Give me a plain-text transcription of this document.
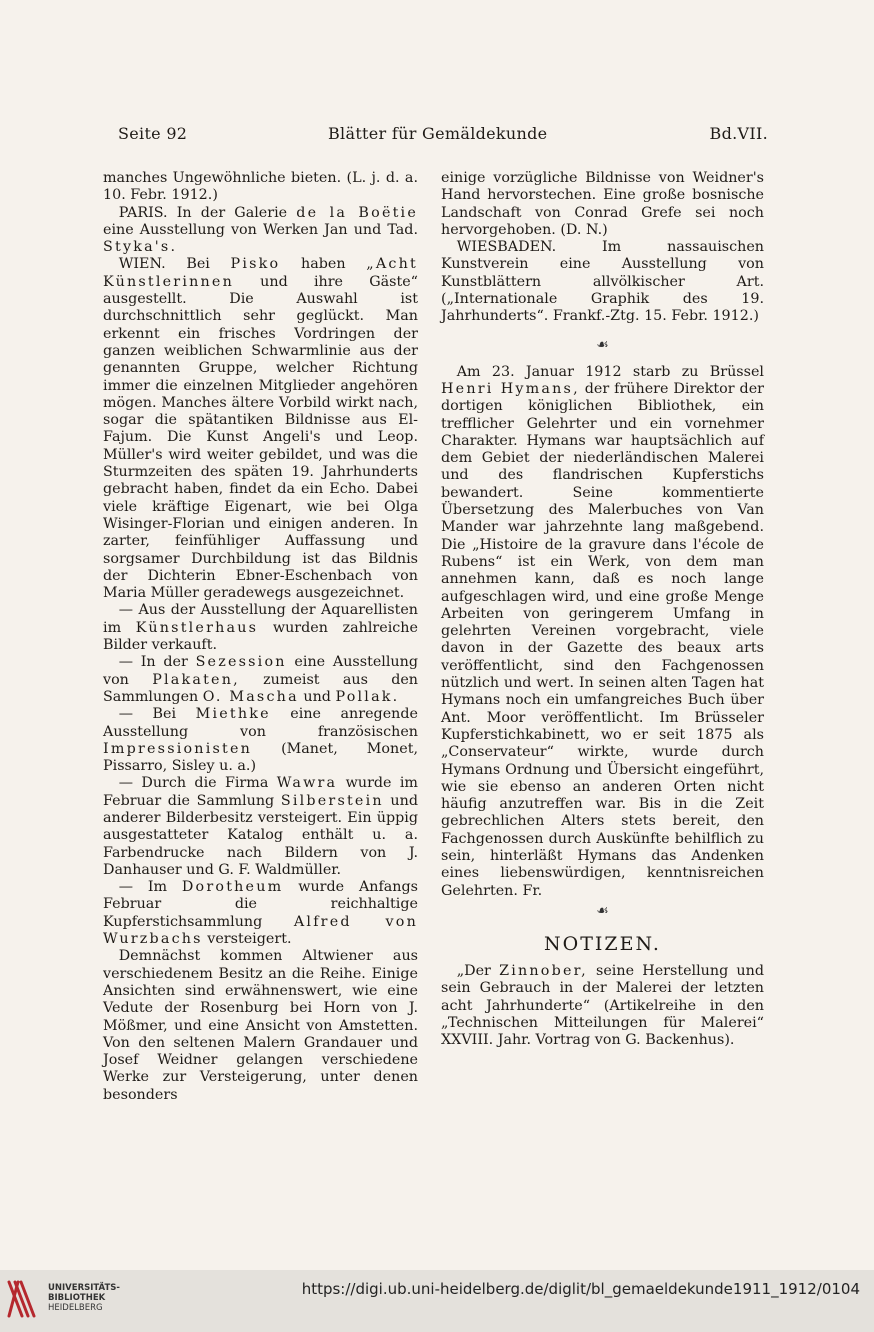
Seite 92	Blätter für Gemäldekunde	Bd.VII.

manches Ungewöhnliche bieten. (L. j. d. a. 10. Febr. 1912.)

PARIS. In der Galerie de la Boëtie eine Ausstellung von Werken Jan und Tad. Styka's.

WIEN. Bei Pisko haben „Acht Künstlerinnen und ihre Gäste“ ausgestellt. Die Auswahl ist durchschnittlich sehr geglückt. Man erkennt ein frisches Vordringen der ganzen weiblichen Schwarmlinie aus der genannten Gruppe, welcher Richtung immer die einzelnen Mitglieder angehören mögen. Manches ältere Vorbild wirkt nach, sogar die spätantiken Bildnisse aus El-Fajum. Die Kunst Angeli's und Leop. Müller's wird weiter gebildet, und was die Sturmzeiten des späten 19. Jahrhunderts gebracht haben, findet da ein Echo. Dabei viele kräftige Eigenart, wie bei Olga Wisinger-Florian und einigen anderen. In zarter, feinfühliger Auffassung und sorgsamer Durchbildung ist das Bildnis der Dichterin Ebner-Eschenbach von Maria Müller geradewegs ausgezeichnet.

— Aus der Ausstellung der Aquarellisten im Künstlerhaus wurden zahlreiche Bilder verkauft.

— In der Sezession eine Ausstellung von Plakaten, zumeist aus den Sammlungen O. Mascha und Pollak.

— Bei Miethke eine anregende Ausstellung von französischen Impressionisten (Manet, Monet, Pissarro, Sisley u. a.)

— Durch die Firma Wawra wurde im Februar die Sammlung Silberstein und anderer Bilderbesitz versteigert. Ein üppig ausgestatteter Katalog enthält u. a. Farbendrucke nach Bildern von J. Danhauser und G. F. Waldmüller.

— Im Dorotheum wurde Anfangs Februar die reichhaltige Kupferstichsammlung Alfred von Wurzbachs versteigert.

Demnächst kommen Altwiener aus verschiedenem Besitz an die Reihe. Einige Ansichten sind erwähnenswert, wie eine Vedute der Rosenburg bei Horn von J. Mößmer, und eine Ansicht von Amstetten. Von den seltenen Malern Grandauer und Josef Weidner gelangen verschiedene Werke zur Versteigerung, unter denen besonders

einige vorzügliche Bildnisse von Weidner's Hand hervorstechen. Eine große bosnische Landschaft von Conrad Grefe sei noch hervorgehoben. (D. N.)

WIESBADEN. Im nassauischen Kunstverein eine Ausstellung von Kunstblättern allvölkischer Art. („Internationale Graphik des 19. Jahrhunderts“. Frankf.-Ztg. 15. Febr. 1912.)

☙

Am 23. Januar 1912 starb zu Brüssel Henri Hymans, der frühere Direktor der dortigen königlichen Bibliothek, ein trefflicher Gelehrter und ein vornehmer Charakter. Hymans war hauptsächlich auf dem Gebiet der niederländischen Malerei und des flandrischen Kupferstichs bewandert. Seine kommentierte Übersetzung des Malerbuches von Van Mander war jahrzehnte lang maßgebend. Die „Histoire de la gravure dans l'école de Rubens“ ist ein Werk, von dem man annehmen kann, daß es noch lange aufgeschlagen wird, und eine große Menge Arbeiten von geringerem Umfang in gelehrten Vereinen vorgebracht, viele davon in der Gazette des beaux arts veröffentlicht, sind den Fachgenossen nützlich und wert. In seinen alten Tagen hat Hymans noch ein umfangreiches Buch über Ant. Moor veröffentlicht. Im Brüsseler Kupferstichkabinett, wo er seit 1875 als „Conservateur“ wirkte, wurde durch Hymans Ordnung und Übersicht eingeführt, wie sie ebenso an anderen Orten nicht häufig anzutreffen war. Bis in die Zeit gebrechlichen Alters stets bereit, den Fachgenossen durch Auskünfte behilflich zu sein, hinterläßt Hymans das Andenken eines liebenswürdigen, kenntnisreichen Gelehrten. Fr.

☙
NOTIZEN.

„Der Zinnober, seine Herstellung und sein Gebrauch in der Malerei der letzten acht Jahrhunderte“ (Artikelreihe in den „Technischen Mitteilungen für Malerei“ XXVIII. Jahr. Vortrag von G. Backenhus).

UNIVERSITÄTS-
BIBLIOTHEK
HEIDELBERG
https://digi.ub.uni-heidelberg.de/diglit/bl_gemaeldekunde1911_1912/0104
